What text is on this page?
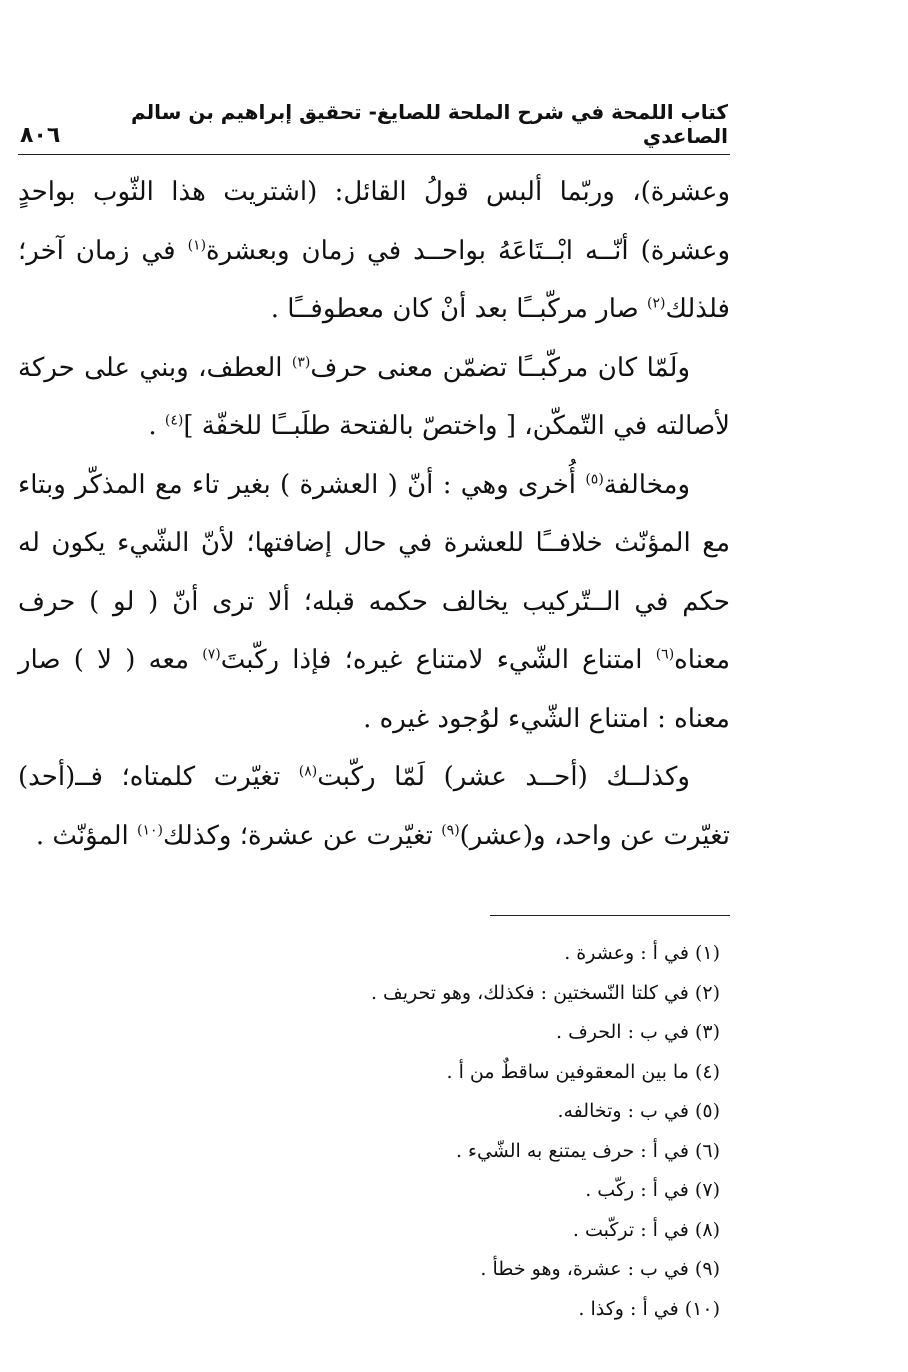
كتاب اللمحة في شرح الملحة للصايغ- تحقيق إبراهيم بن سالم الصاعدي
٨٠٦

وعشرة)، وربّما ألبس قولُ القائل: (اشتريت هذا الثّوب بواحدٍ وعشرة) أنّــه ابْــتَاعَهُ بواحــد في زمان وبعشرة$^{(١)}$ في زمان آخر؛ فلذلك$^{(٢)}$ صار مركّبــًا بعد أنْ كان معطوفــًا .

ولَمّا كان مركّبــًا تضمّن معنى حرف$^{(٣)}$ العطف، وبني على حركة لأصالته في التّمكّن، [ واختصّ بالفتحة طلَبــًا للخفّة ]$^{(٤)}$ .

ومخالفة$^{(٥)}$ أُخرى وهي : أنّ ( العشرة ) بغير تاء مع المذكّر وبتاء مع المؤنّث خلافــًا للعشرة في حال إضافتها؛ لأنّ الشّيء يكون له حكم في الــتّركيب يخالف حكمه قبله؛ ألا ترى أنّ ( لو ) حرف معناه$^{(٦)}$ امتناع الشّيء لامتناع غيره؛ فإذا ركّبتَ$^{(٧)}$ معه ( لا ) صار معناه : امتناع الشّيء لوُجود غيره .

وكذلــك (أحــد عشر) لَمّا ركّبت$^{(٨)}$ تغيّرت كلمتاه؛ فــ(أحد) تغيّرت عن واحد، و(عشر)$^{(٩)}$ تغيّرت عن عشرة؛ وكذلك$^{(١٠)}$ المؤنّث .

(١) في أ : وعشرة .
(٢) في كلتا النّسختين : فكذلك، وهو تحريف .
(٣) في ب : الحرف .
(٤) ما بين المعقوفين ساقطٌ من أ .
(٥) في ب : وتخالفه.
(٦) في أ : حرف يمتنع به الشّيء .
(٧) في أ : ركّب .
(٨) في أ : تركّبت .
(٩) في ب : عشرة، وهو خطأ .
(١٠) في أ : وكذا .
